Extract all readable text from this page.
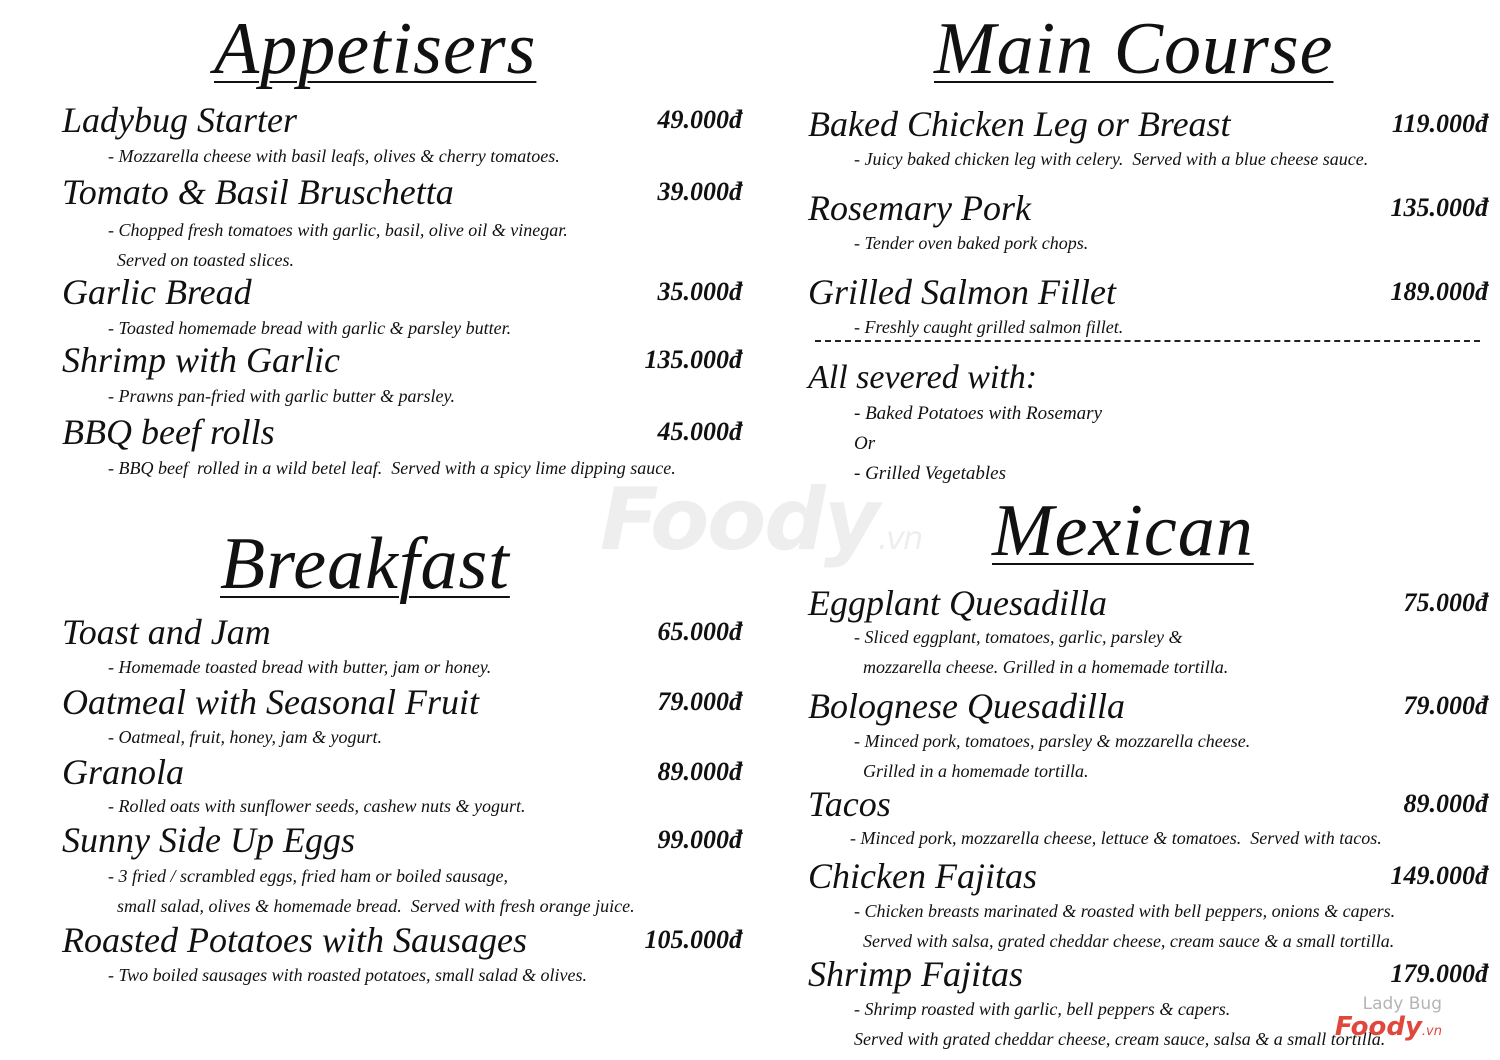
Foody.vn
Appetisers
Ladybug Starter	49.000đ
- Mozzarella cheese with basil leafs, olives & cherry tomatoes.
Tomato & Basil Bruschetta	39.000đ
- Chopped fresh tomatoes with garlic, basil, olive oil & vinegar.
Served on toasted slices.
Garlic Bread	35.000đ
- Toasted homemade bread with garlic & parsley butter.
Shrimp with Garlic	135.000đ
- Prawns pan-fried with garlic butter & parsley.
BBQ beef rolls	45.000đ
- BBQ beef  rolled in a wild betel leaf.  Served with a spicy lime dipping sauce.
Breakfast
Toast and Jam	65.000đ
- Homemade toasted bread with butter, jam or honey.
Oatmeal with Seasonal Fruit	79.000đ
- Oatmeal, fruit, honey, jam & yogurt.
Granola	89.000đ
- Rolled oats with sunflower seeds, cashew nuts & yogurt.
Sunny Side Up Eggs	99.000đ
- 3 fried / scrambled eggs, fried ham or boiled sausage,
small salad, olives & homemade bread.  Served with fresh orange juice.
Roasted Potatoes with Sausages	105.000đ
- Two boiled sausages with roasted potatoes, small salad & olives.
Main Course
Baked Chicken Leg or Breast	119.000đ
- Juicy baked chicken leg with celery.  Served with a blue cheese sauce.
Rosemary Pork	135.000đ
- Tender oven baked pork chops.
Grilled Salmon Fillet	189.000đ
- Freshly caught grilled salmon fillet.
All severed with:
- Baked Potatoes with Rosemary
Or
- Grilled Vegetables
Mexican
Eggplant Quesadilla	75.000đ
- Sliced eggplant, tomatoes, garlic, parsley &
mozzarella cheese. Grilled in a homemade tortilla.
Bolognese Quesadilla	79.000đ
- Minced pork, tomatoes, parsley & mozzarella cheese.
Grilled in a homemade tortilla.
Tacos	89.000đ
- Minced pork, mozzarella cheese, lettuce & tomatoes.  Served with tacos.
Chicken Fajitas	149.000đ
- Chicken breasts marinated & roasted with bell peppers, onions & capers.
Served with salsa, grated cheddar cheese, cream sauce & a small tortilla.
Shrimp Fajitas	179.000đ
- Shrimp roasted with garlic, bell peppers & capers.
Served with grated cheddar cheese, cream sauce, salsa & a small tortilla.
Lady Bug
Foody.vn
